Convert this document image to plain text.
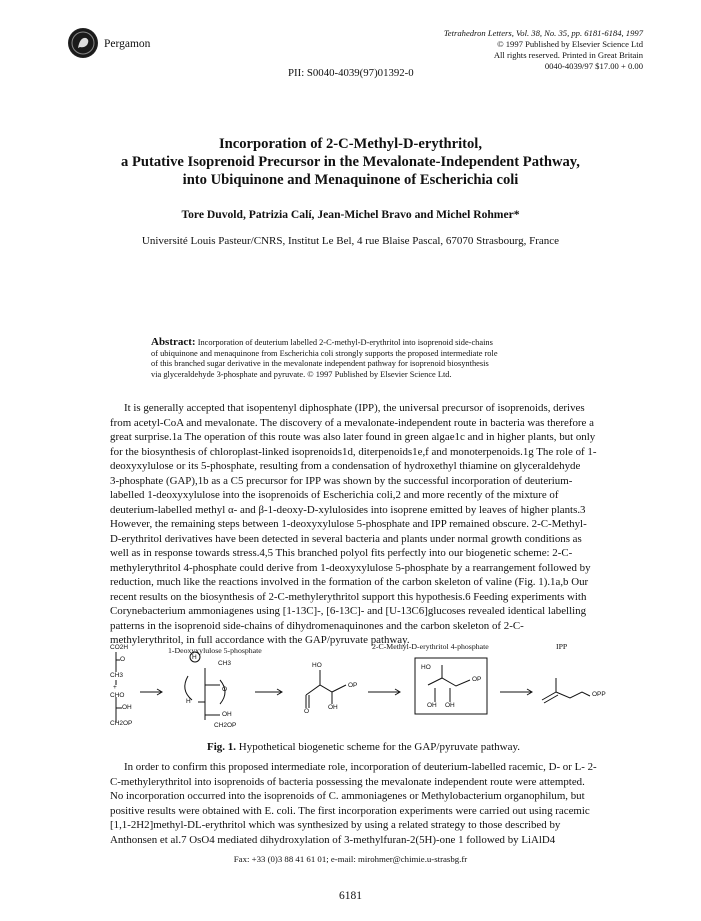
Pergamon
Tetrahedron Letters, Vol. 38, No. 35, pp. 6181-6184, 1997
© 1997 Published by Elsevier Science Ltd
All rights reserved. Printed in Great Britain
0040-4039/97 $17.00 + 0.00
PII: S0040-4039(97)01392-0
Incorporation of 2-C-Methyl-D-erythritol,
a Putative Isoprenoid Precursor in the Mevalonate-Independent Pathway,
into Ubiquinone and Menaquinone of Escherichia coli
Tore Duvold, Patrizia Calí, Jean-Michel Bravo and Michel Rohmer*
Université Louis Pasteur/CNRS, Institut Le Bel, 4 rue Blaise Pascal, 67070 Strasbourg, France
Abstract: Incorporation of deuterium labelled 2-C-methyl-D-erythritol into isoprenoid side-chains
of ubiquinone and menaquinone from Escherichia coli strongly supports the proposed intermediate role
of this branched sugar derivative in the mevalonate independent pathway for isoprenoid biosynthesis
via glyceraldehyde 3-phosphate and pyruvate. © 1997 Published by Elsevier Science Ltd.
It is generally accepted that isopentenyl diphosphate (IPP), the universal precursor of isoprenoids, derives
from acetyl-CoA and mevalonate. The discovery of a mevalonate-independent route in bacteria was therefore a
great surprise.1a The operation of this route was also later found in green algae1c and in higher plants, but only
for the biosynthesis of chloroplast-linked isoprenoids1d, diterpenoids1e,f and monoterpenoids.1g The role of 1-
deoxyxylulose or its 5-phosphate, resulting from a condensation of hydroxethyl thiamine on glyceraldehyde
3-phosphate (GAP),1b as a C5 precursor for IPP was shown by the successful incorporation of deuterium-
labelled 1-deoxyxylulose into the isoprenoids of Escherichia coli,2 and more recently of the mixture of
deuterium-labelled methyl α- and β-1-deoxy-D-xylulosides into isoprene emitted by leaves of higher plants.3
However, the remaining steps between 1-deoxyxylulose 5-phosphate and IPP remained obscure. 2-C-Methyl-
D-erythritol derivatives have been detected in several bacteria and plants under normal growth conditions as
well as in response towards stress.4,5 This branched polyol fits perfectly into our biogenetic scheme: 2-C-
methylerythritol 4-phosphate could derive from 1-deoxyxylulose 5-phosphate by a rearrangement followed by
reduction, much like the reactions involved in the formation of the carbon skeleton of valine (Fig. 1).1a,b Our
recent results on the biosynthesis of 2-C-methylerythritol support this hypothesis.6 Feeding experiments with
Corynebacterium ammoniagenes using [1-13C]-, [6-13C]- and [U-13C6]glucoses revealed identical labelling
patterns in the isoprenoid side-chains of dihydromenaquinones and the carbon skeleton of 2-C-
methylerythritol, in full accordance with the GAP/pyruvate pathway.
1-Deoxyxylulose 5-phosphate	2-C-Methyl-D-erythritol 4-phosphate	IPP
CO2H
O
CH3
+
CHO
OH
CH2OP
H
CH3
O
H
OH
CH2OP
HO
OP
O
OH
HO
OP
OH OH
OPP
Fig. 1. Hypothetical biogenetic scheme for the GAP/pyruvate pathway.
In order to confirm this proposed intermediate role, incorporation of deuterium-labelled racemic, D- or L- 2-
C-methylerythritol into isoprenoids of bacteria possessing the mevalonate independent route were attempted.
No incorporation occurred into the isoprenoids of C. ammoniagenes or Methylobacterium organophilum, but
positive results were obtained with E. coli. The first incorporation experiments were carried out using racemic
[1,1-2H2]methyl-DL-erythritol which was synthesized by using a related strategy to those described by
Anthonsen et al.7 OsO4 mediated dihydroxylation of 3-methylfuran-2(5H)-one 1 followed by LiAlD4
Fax: +33 (0)3 88 41 61 01; e-mail: mirohmer@chimie.u-strasbg.fr
6181
